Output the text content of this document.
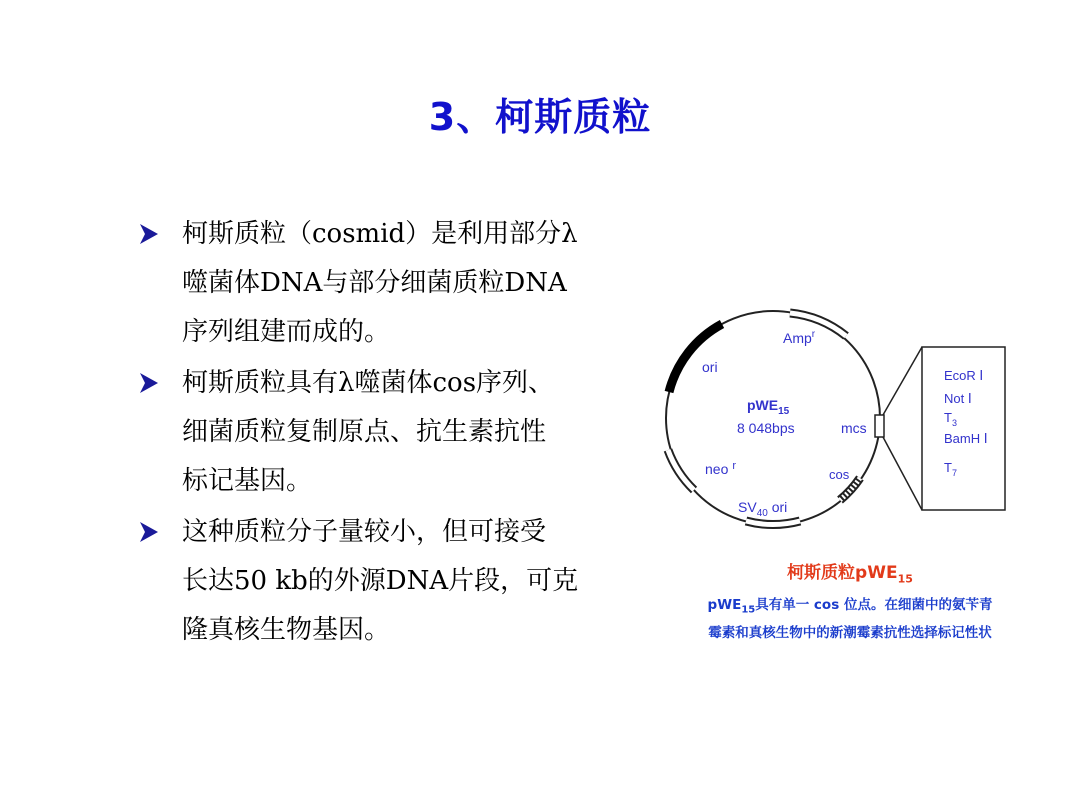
3、柯斯质粒
柯斯质粒（cosmid）是利用部分λ
噬菌体DNA与部分细菌质粒DNA
序列组建而成的。
柯斯质粒具有λ噬菌体cos序列、
细菌质粒复制原点、抗生素抗性
标记基因。
这种质粒分子量较小，但可接受
长达50 kb的外源DNA片段，可克
隆真核生物基因。
Amp$^r$
ori
pWE$_{15}$
8 048bps	mcs
neo $^r$
cos
$SV_{40}$ ori
EcoR Ⅰ
Not Ⅰ
$T_3$
BamH Ⅰ
$T_7$
柯斯质粒pWE$_{15}$
pWE$_{15}$具有单一 cos 位点。在细菌中的氨苄青
霉素和真核生物中的新潮霉素抗性选择标记性状
